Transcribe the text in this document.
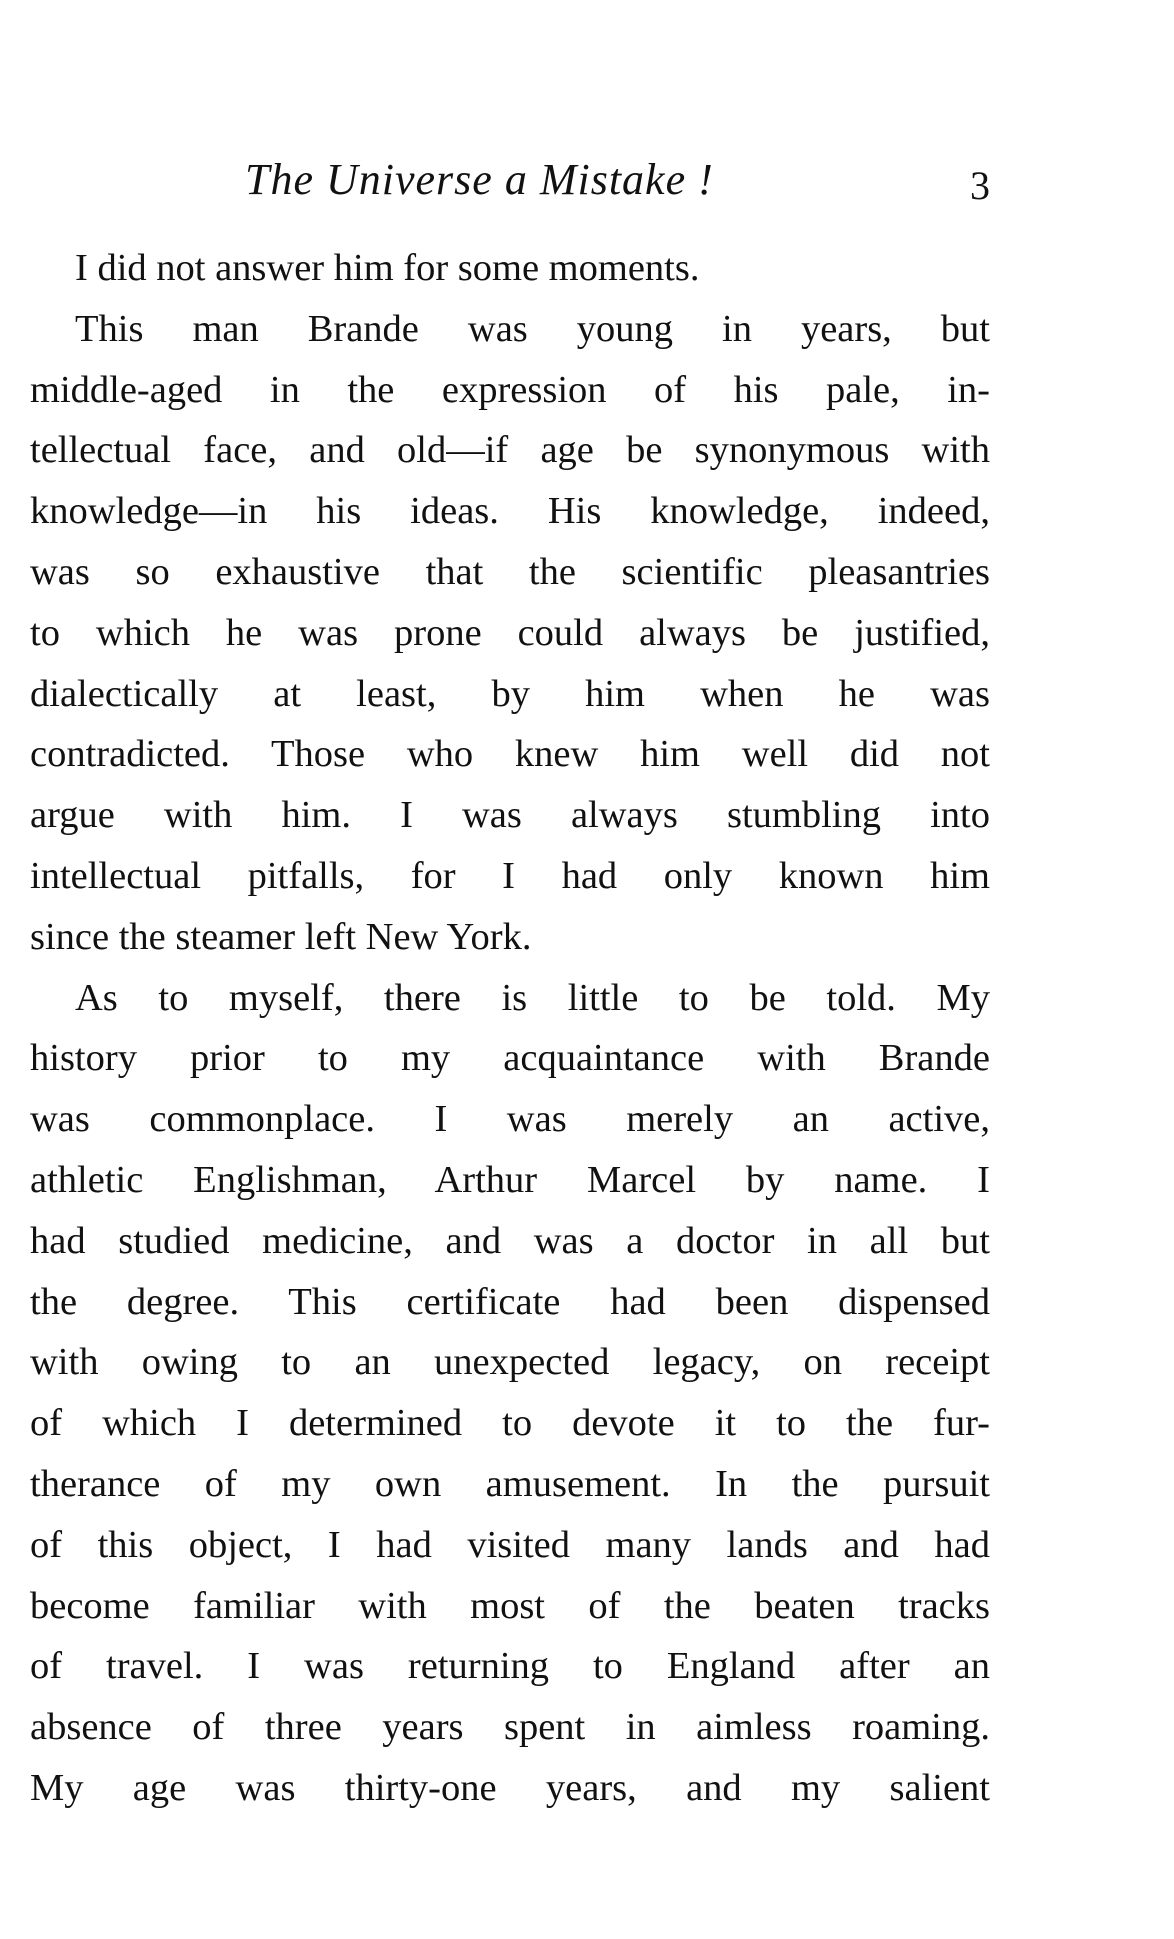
The Universe a Mistake !	3
I did not answer him for some moments.
This man Brande was young in years, but
middle-aged in the expression of his pale, in-
tellectual face, and old—if age be synonymous with
knowledge—in his ideas. His knowledge, indeed,
was so exhaustive that the scientific pleasantries
to which he was prone could always be justified,
dialectically at least, by him when he was
contradicted. Those who knew him well did not
argue with him. I was always stumbling into
intellectual pitfalls, for I had only known him
since the steamer left New York.
As to myself, there is little to be told. My
history prior to my acquaintance with Brande
was commonplace. I was merely an active,
athletic Englishman, Arthur Marcel by name. I
had studied medicine, and was a doctor in all but
the degree. This certificate had been dispensed
with owing to an unexpected legacy, on receipt
of which I determined to devote it to the fur-
therance of my own amusement. In the pursuit
of this object, I had visited many lands and had
become familiar with most of the beaten tracks
of travel. I was returning to England after an
absence of three years spent in aimless roaming.
My age was thirty-one years, and my salient
